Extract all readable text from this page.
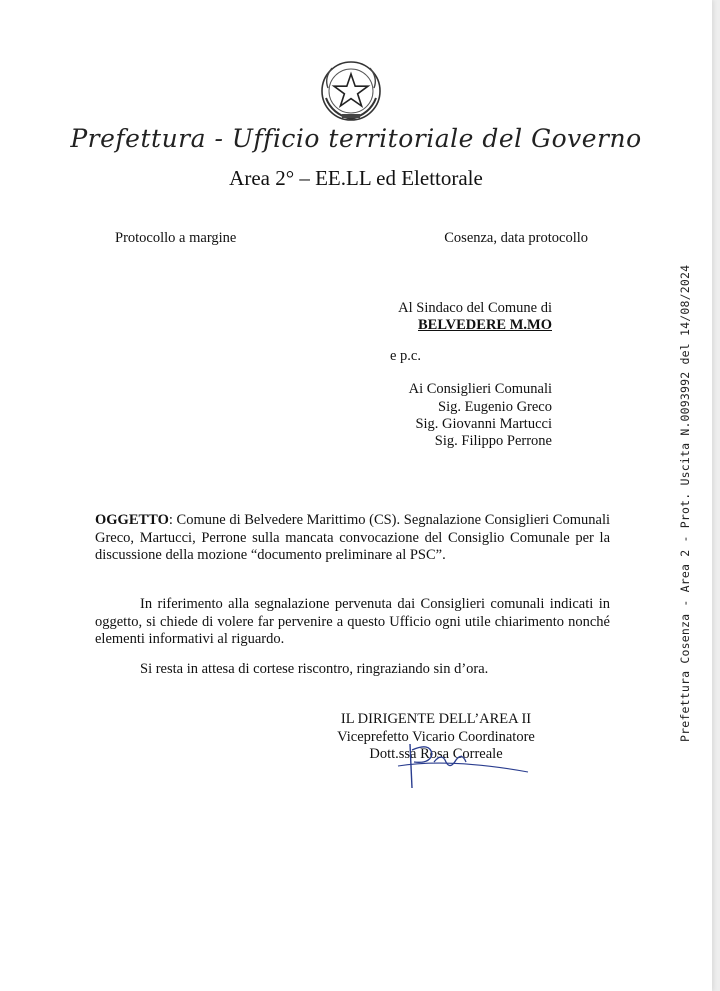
Prefettura - Ufficio territoriale del Governo
Area 2° – EE.LL ed Elettorale
Protocollo a margine	Cosenza, data protocollo
Al Sindaco del Comune di
BELVEDERE M.MO
e p.c.
Ai Consiglieri Comunali
Sig. Eugenio Greco
Sig. Giovanni Martucci
Sig. Filippo Perrone
OGGETTO: Comune di Belvedere Marittimo (CS). Segnalazione Consiglieri Comunali Greco, Martucci, Perrone sulla mancata convocazione del Consiglio Comunale per la discussione della mozione “documento preliminare al PSC”.
In riferimento alla segnalazione pervenuta dai Consiglieri comunali indicati in oggetto, si chiede di volere far pervenire a questo Ufficio ogni utile chiarimento nonché elementi informativi al riguardo.
Si resta in attesa di cortese riscontro, ringraziando sin d’ora.
IL DIRIGENTE DELL’AREA II
Viceprefetto Vicario Coordinatore
Dott.ssa Rosa Correale
Prefettura Cosenza - Area 2 - Prot. Uscita N.0093992 del 14/08/2024
